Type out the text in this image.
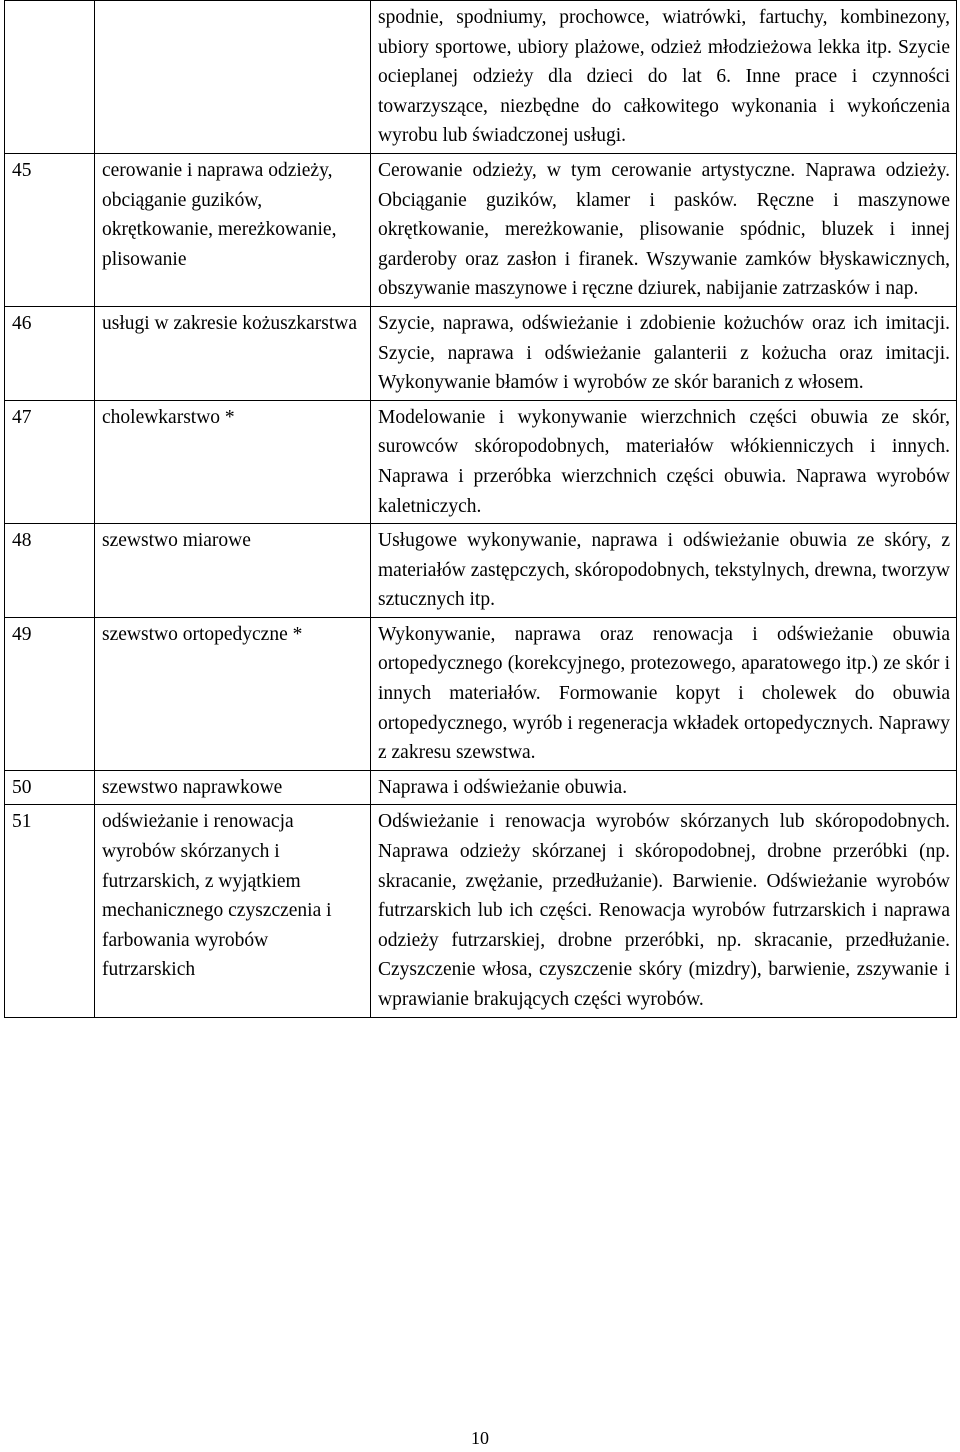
		spodnie, spodniumy, prochowce, wiatrówki, fartuchy, kombinezony, ubiory sportowe, ubiory plażowe, odzież młodzieżowa lekka itp. Szycie ocieplanej odzieży dla dzieci do lat 6. Inne prace i czynności towarzyszące, niezbędne do całkowitego wykonania i wykończenia wyrobu lub świadczonej usługi.
45	cerowanie i naprawa odzieży, obciąganie guzików, okrętkowanie, mereżkowanie, plisowanie	Cerowanie odzieży, w tym cerowanie artystyczne. Naprawa odzieży. Obciąganie guzików, klamer i pasków. Ręczne i maszynowe okrętkowanie, mereżkowanie, plisowanie spódnic, bluzek i innej garderoby oraz zasłon i firanek. Wszywanie zamków błyskawicznych, obszywanie maszynowe i ręczne dziurek, nabijanie zatrzasków i nap.
46	usługi w zakresie kożuszkarstwa	Szycie, naprawa, odświeżanie i zdobienie kożuchów oraz ich imitacji. Szycie, naprawa i odświeżanie galanterii z kożucha oraz imitacji. Wykonywanie błamów i wyrobów ze skór baranich z włosem.
47	cholewkarstwo *	Modelowanie i wykonywanie wierzchnich części obuwia ze skór, surowców skóropodobnych, materiałów włókienniczych i innych. Naprawa i przeróbka wierzchnich części obuwia. Naprawa wyrobów kaletniczych.
48	szewstwo miarowe	Usługowe wykonywanie, naprawa i odświeżanie obuwia ze skóry, z materiałów zastępczych, skóropodobnych, tekstylnych, drewna, tworzyw sztucznych itp.
49	szewstwo ortopedyczne *	Wykonywanie, naprawa oraz renowacja i odświeżanie obuwia ortopedycznego (korekcyjnego, protezowego, aparatowego itp.) ze skór i innych materiałów. Formowanie kopyt i cholewek do obuwia ortopedycznego, wyrób i regeneracja wkładek ortopedycznych. Naprawy z zakresu szewstwa.
50	szewstwo naprawkowe	Naprawa i odświeżanie obuwia.
51	odświeżanie i renowacja wyrobów skórzanych i futrzarskich, z wyjątkiem mechanicznego czyszczenia i farbowania wyrobów futrzarskich	Odświeżanie i renowacja wyrobów skórzanych lub skóropodobnych. Naprawa odzieży skórzanej i skóropodobnej, drobne przeróbki (np. skracanie, zwężanie, przedłużanie). Barwienie. Odświeżanie wyrobów futrzarskich lub ich części. Renowacja wyrobów futrzarskich i naprawa odzieży futrzarskiej, drobne przeróbki, np. skracanie, przedłużanie. Czyszczenie włosa, czyszczenie skóry (mizdry), barwienie, zszywanie i wprawianie brakujących części wyrobów.
10
